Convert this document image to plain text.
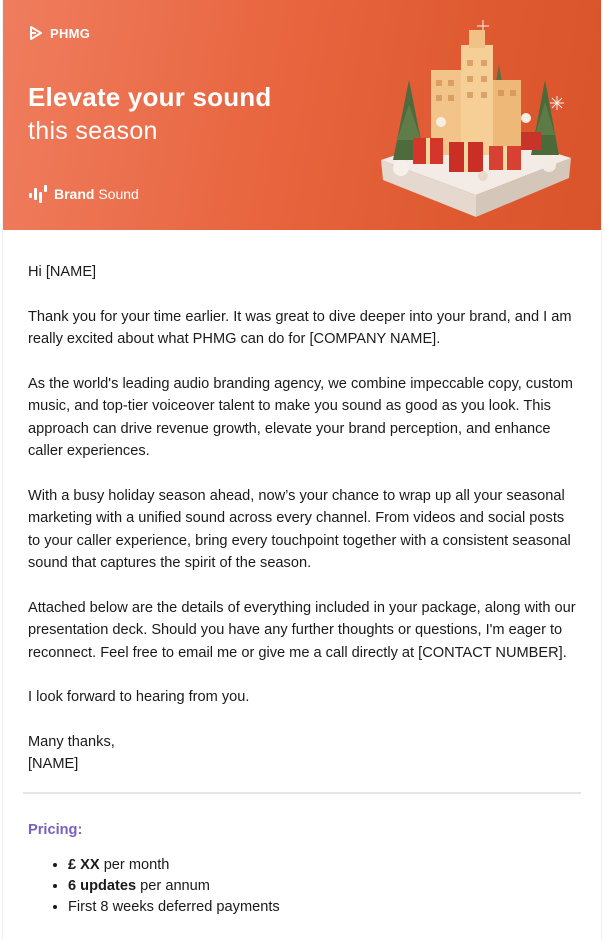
PHMG
Elevate your sound
this season
Brand Sound

Hi [NAME]

Thank you for your time earlier. It was great to dive deeper into your brand, and I am really excited about what PHMG can do for [COMPANY NAME].

As the world's leading audio branding agency, we combine impeccable copy, custom music, and top-tier voiceover talent to make you sound as good as you look. This approach can drive revenue growth, elevate your brand perception, and enhance caller experiences.

With a busy holiday season ahead, now’s your chance to wrap up all your seasonal marketing with a unified sound across every channel. From videos and social posts to your caller experience, bring every touchpoint together with a consistent seasonal sound that captures the spirit of the season.

Attached below are the details of everything included in your package, along with our presentation deck. Should you have any further thoughts or questions, I'm eager to reconnect. Feel free to email me or give me a call directly at [CONTACT NUMBER].

I look forward to hearing from you.

Many thanks,
[NAME]

Pricing:
• £ XX per month
• 6 updates per annum
• First 8 weeks deferred payments
